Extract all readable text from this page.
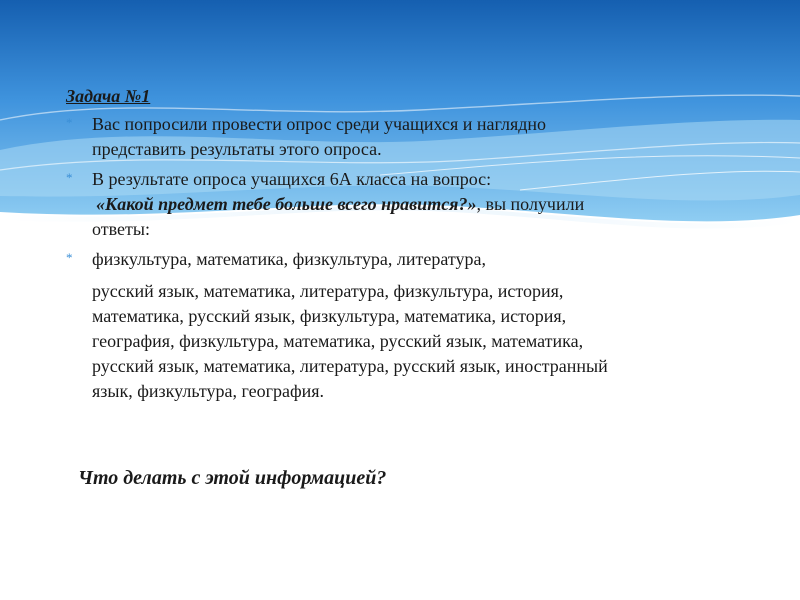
Задача №1
*	Вас попросили провести опрос среди учащихся и наглядно
представить результаты этого опроса.
*	В результате опроса учащихся 6А класса на вопрос:
«Какой предмет тебе больше всего нравится?», вы получили
ответы:
*	физкультура, математика, физкультура, литература,
русский язык, математика, литература, физкультура, история,
математика, русский язык, физкультура, математика, история,
география, физкультура, математика, русский язык, математика,
русский язык, математика, литература, русский язык, иностранный
язык, физкультура, география.
Что делать с этой информацией?
